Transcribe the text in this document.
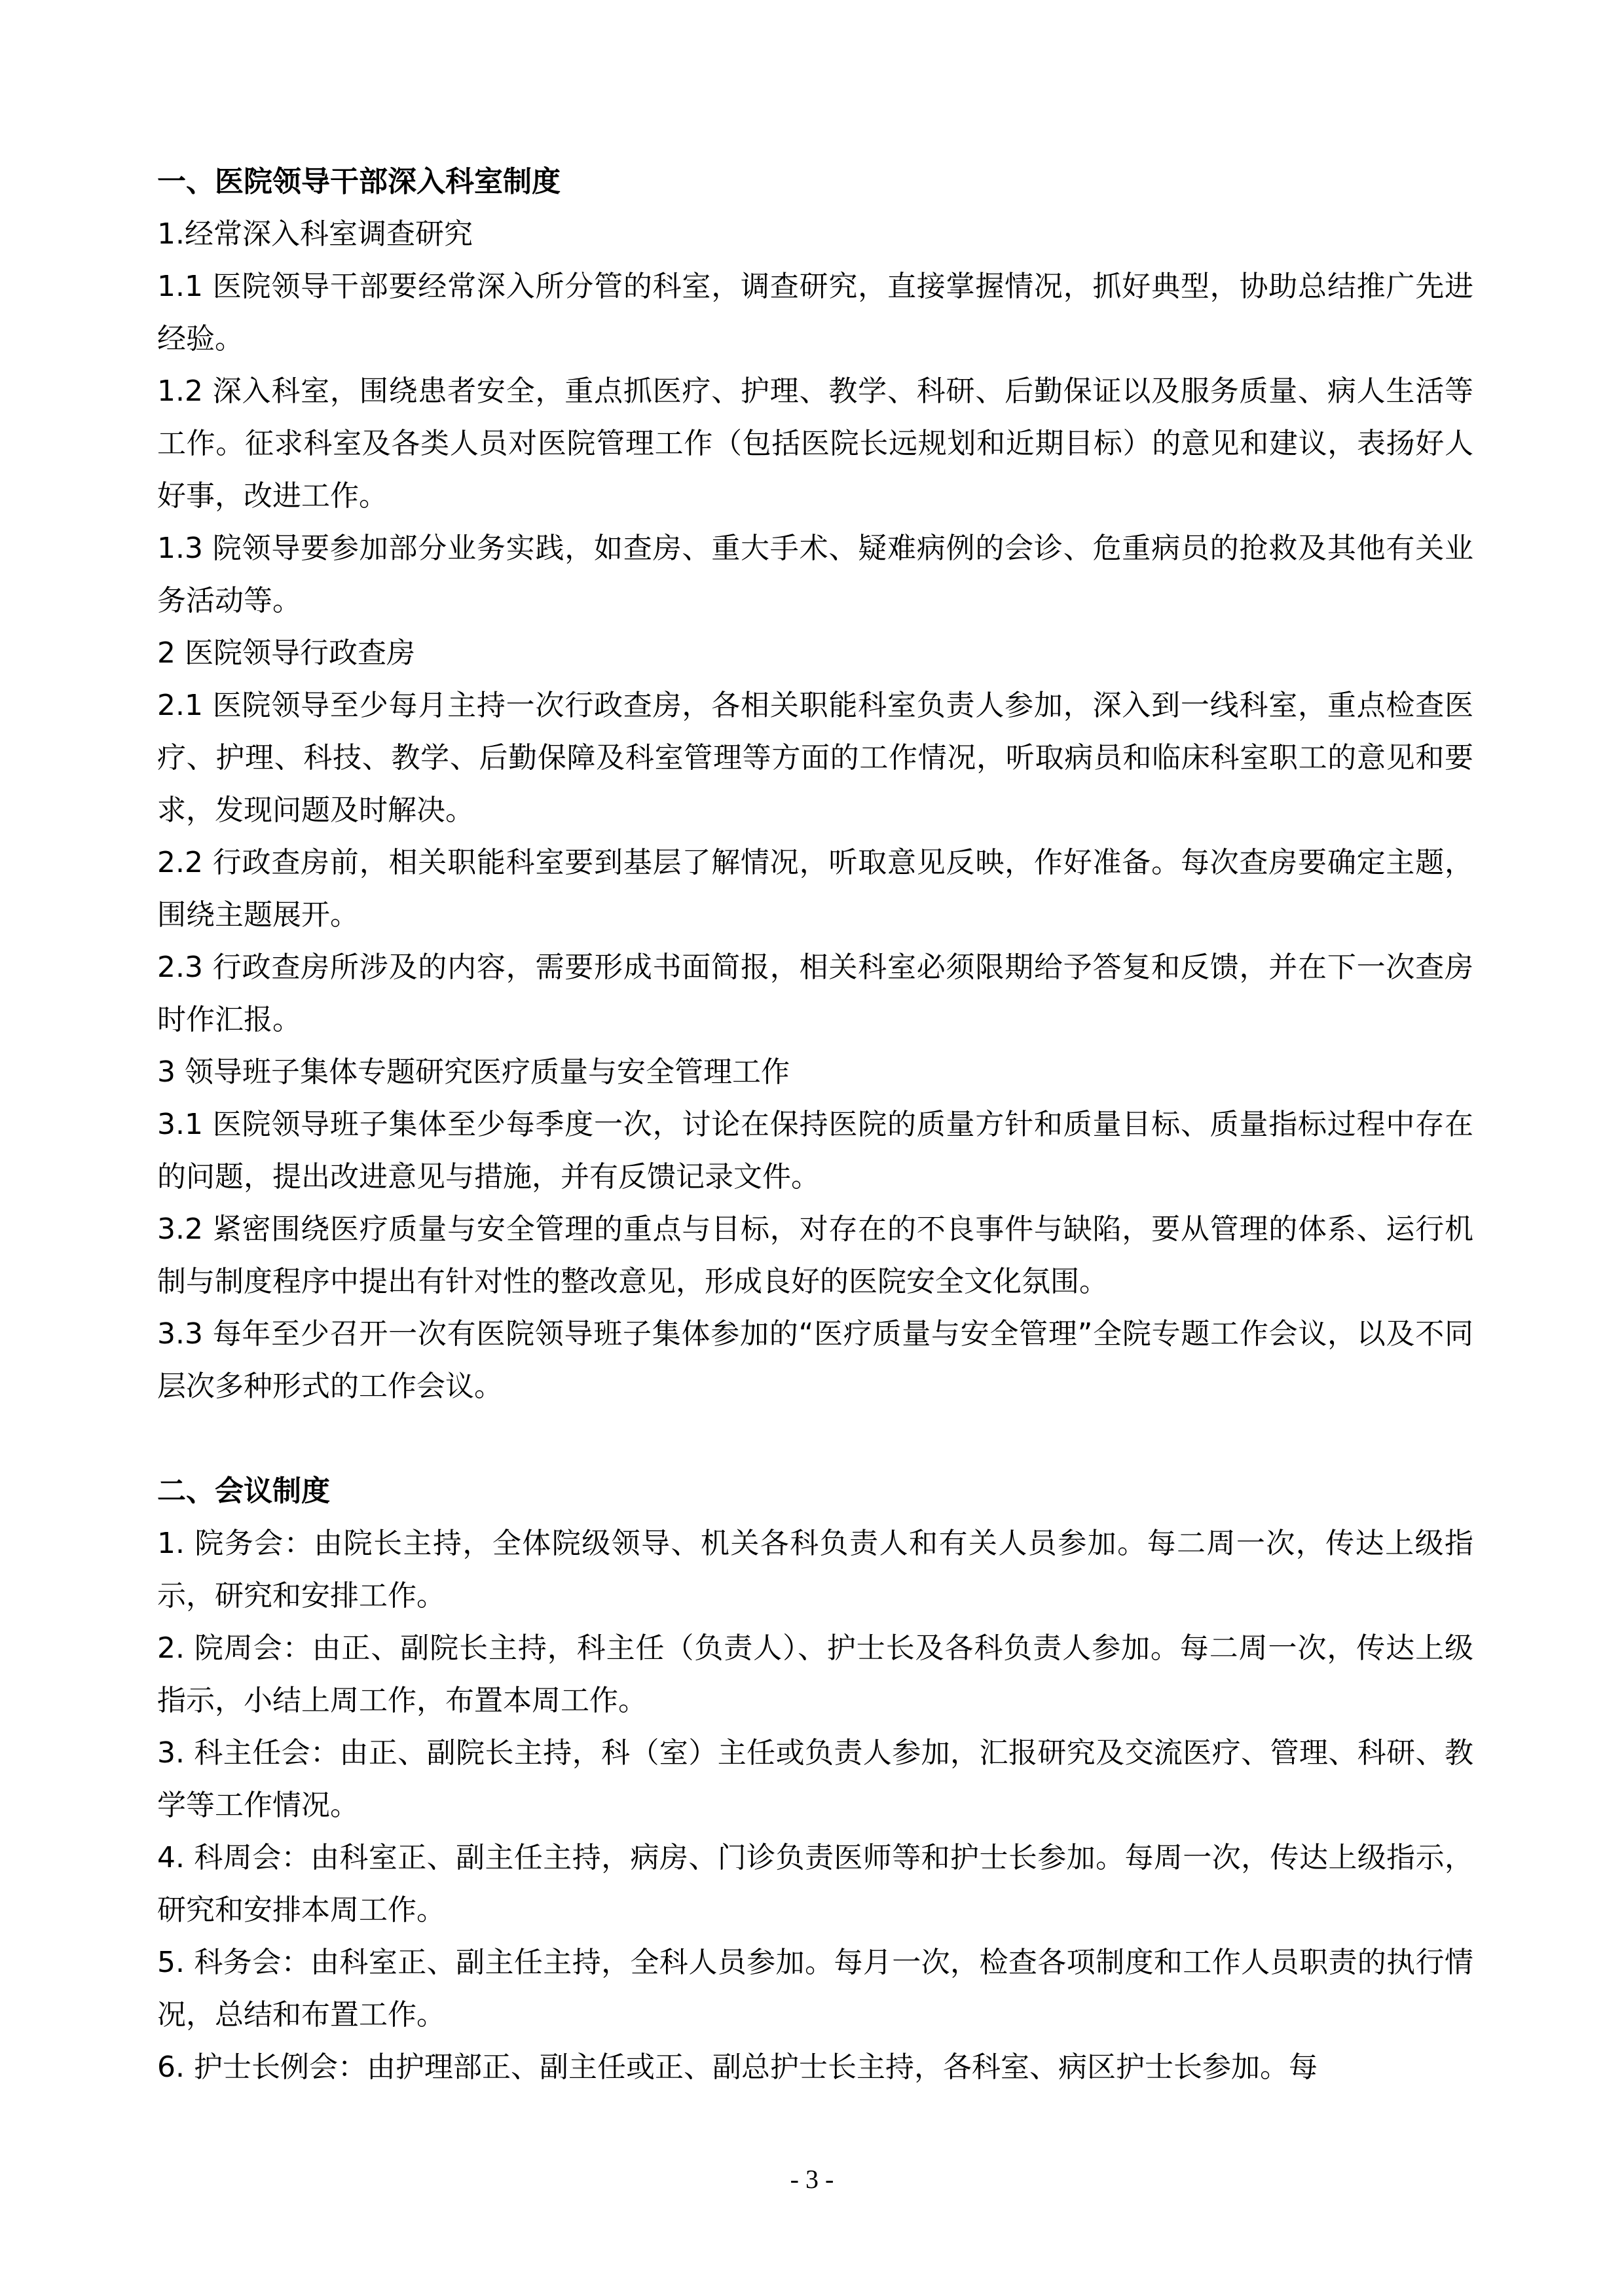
一、医院领导干部深入科室制度

1.经常深入科室调查研究

1.1 医院领导干部要经常深入所分管的科室，调查研究，直接掌握情况，抓好典型，协助总结推广先进经验。

1.2 深入科室，围绕患者安全，重点抓医疗、护理、教学、科研、后勤保证以及服务质量、病人生活等工作。征求科室及各类人员对医院管理工作（包括医院长远规划和近期目标）的意见和建议，表扬好人好事，改进工作。

1.3 院领导要参加部分业务实践，如查房、重大手术、疑难病例的会诊、危重病员的抢救及其他有关业务活动等。

2 医院领导行政查房

2.1 医院领导至少每月主持一次行政查房，各相关职能科室负责人参加，深入到一线科室，重点检查医疗、护理、科技、教学、后勤保障及科室管理等方面的工作情况，听取病员和临床科室职工的意见和要求，发现问题及时解决。

2.2 行政查房前，相关职能科室要到基层了解情况，听取意见反映，作好准备。每次查房要确定主题，围绕主题展开。

2.3 行政查房所涉及的内容，需要形成书面简报，相关科室必须限期给予答复和反馈，并在下一次查房时作汇报。

3 领导班子集体专题研究医疗质量与安全管理工作

3.1 医院领导班子集体至少每季度一次，讨论在保持医院的质量方针和质量目标、质量指标过程中存在的问题，提出改进意见与措施，并有反馈记录文件。

3.2 紧密围绕医疗质量与安全管理的重点与目标，对存在的不良事件与缺陷，要从管理的体系、运行机制与制度程序中提出有针对性的整改意见，形成良好的医院安全文化氛围。

3.3 每年至少召开一次有医院领导班子集体参加的“医疗质量与安全管理”全院专题工作会议，以及不同层次多种形式的工作会议。

二、会议制度

1. 院务会：由院长主持，全体院级领导、机关各科负责人和有关人员参加。每二周一次，传达上级指示，研究和安排工作。

2. 院周会：由正、副院长主持，科主任（负责人）、护士长及各科负责人参加。每二周一次，传达上级指示，小结上周工作，布置本周工作。

3. 科主任会：由正、副院长主持，科（室）主任或负责人参加，汇报研究及交流医疗、管理、科研、教学等工作情况。

4. 科周会：由科室正、副主任主持，病房、门诊负责医师等和护士长参加。每周一次，传达上级指示，研究和安排本周工作。

5. 科务会：由科室正、副主任主持，全科人员参加。每月一次，检查各项制度和工作人员职责的执行情况，总结和布置工作。

6. 护士长例会：由护理部正、副主任或正、副总护士长主持，各科室、病区护士长参加。每

- 3 -
